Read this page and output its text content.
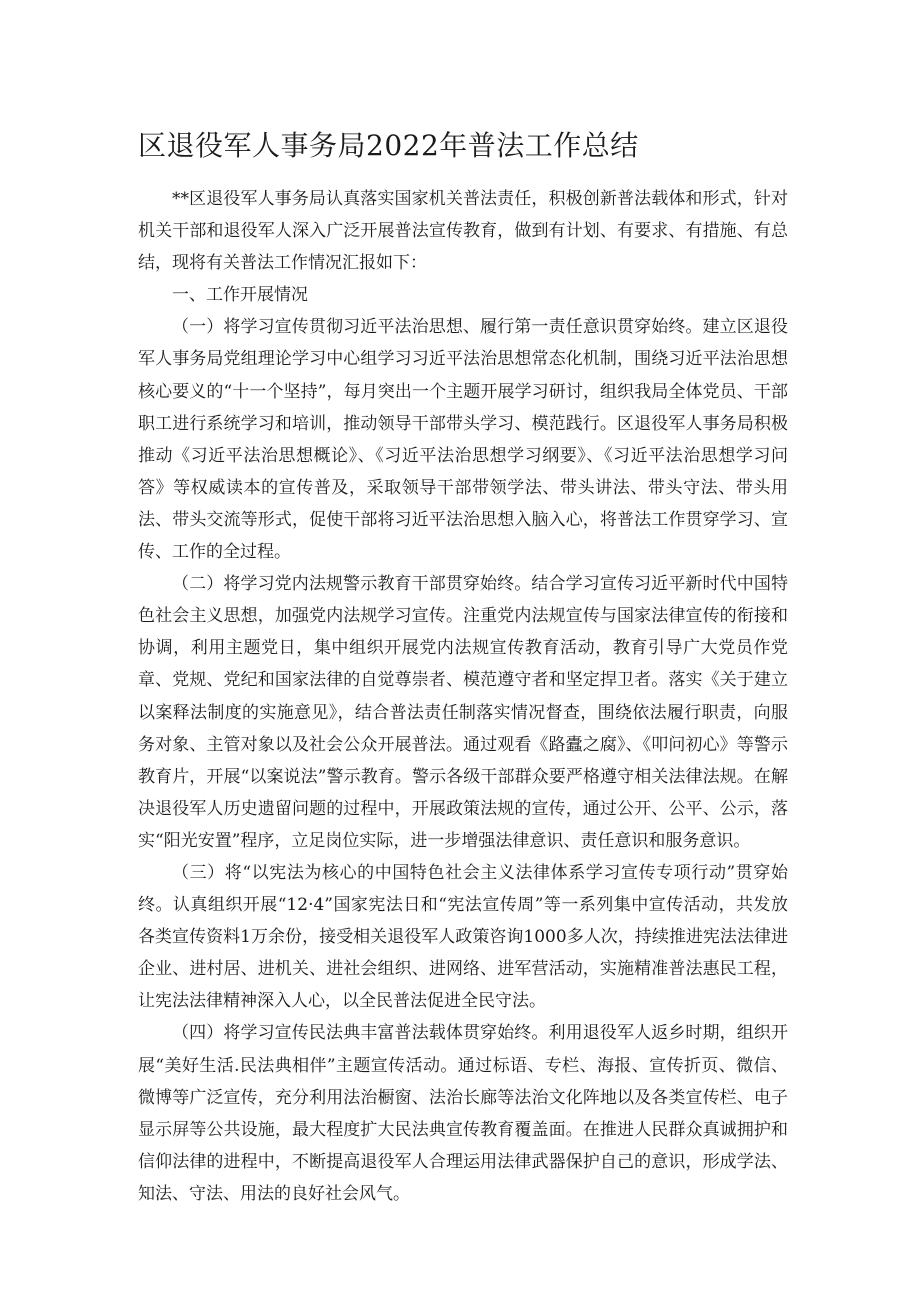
区退役军人事务局2022年普法工作总结

**区退役军人事务局认真落实国家机关普法责任，积极创新普法载体和形式，针对机关干部和退役军人深入广泛开展普法宣传教育，做到有计划、有要求、有措施、有总结，现将有关普法工作情况汇报如下：

一、工作开展情况

（一）将学习宣传贯彻习近平法治思想、履行第一责任意识贯穿始终。建立区退役军人事务局党组理论学习中心组学习习近平法治思想常态化机制，围绕习近平法治思想核心要义的“十一个坚持”，每月突出一个主题开展学习研讨，组织我局全体党员、干部职工进行系统学习和培训，推动领导干部带头学习、模范践行。区退役军人事务局积极推动《习近平法治思想概论》、《习近平法治思想学习纲要》、《习近平法治思想学习问答》等权威读本的宣传普及，采取领导干部带领学法、带头讲法、带头守法、带头用法、带头交流等形式，促使干部将习近平法治思想入脑入心，将普法工作贯穿学习、宣传、工作的全过程。

（二）将学习党内法规警示教育干部贯穿始终。结合学习宣传习近平新时代中国特色社会主义思想，加强党内法规学习宣传。注重党内法规宣传与国家法律宣传的衔接和协调，利用主题党日，集中组织开展党内法规宣传教育活动，教育引导广大党员作党章、党规、党纪和国家法律的自觉尊崇者、模范遵守者和坚定捍卫者。落实《关于建立以案释法制度的实施意见》，结合普法责任制落实情况督查，围绕依法履行职责，向服务对象、主管对象以及社会公众开展普法。通过观看《路蠹之腐》、《叩问初心》等警示教育片，开展“以案说法”警示教育。警示各级干部群众要严格遵守相关法律法规。在解决退役军人历史遗留问题的过程中，开展政策法规的宣传，通过公开、公平、公示，落实“阳光安置”程序，立足岗位实际，进一步增强法律意识、责任意识和服务意识。

（三）将“以宪法为核心的中国特色社会主义法律体系学习宣传专项行动”贯穿始终。认真组织开展“12·4”国家宪法日和“宪法宣传周”等一系列集中宣传活动，共发放各类宣传资料1万余份，接受相关退役军人政策咨询1000多人次，持续推进宪法法律进企业、进村居、进机关、进社会组织、进网络、进军营活动，实施精准普法惠民工程，让宪法法律精神深入人心，以全民普法促进全民守法。

（四）将学习宣传民法典丰富普法载体贯穿始终。利用退役军人返乡时期，组织开展“美好生活.民法典相伴”主题宣传活动。通过标语、专栏、海报、宣传折页、微信、微博等广泛宣传，充分利用法治橱窗、法治长廊等法治文化阵地以及各类宣传栏、电子显示屏等公共设施，最大程度扩大民法典宣传教育覆盖面。在推进人民群众真诚拥护和信仰法律的进程中，不断提高退役军人合理运用法律武器保护自己的意识，形成学法、知法、守法、用法的良好社会风气。
